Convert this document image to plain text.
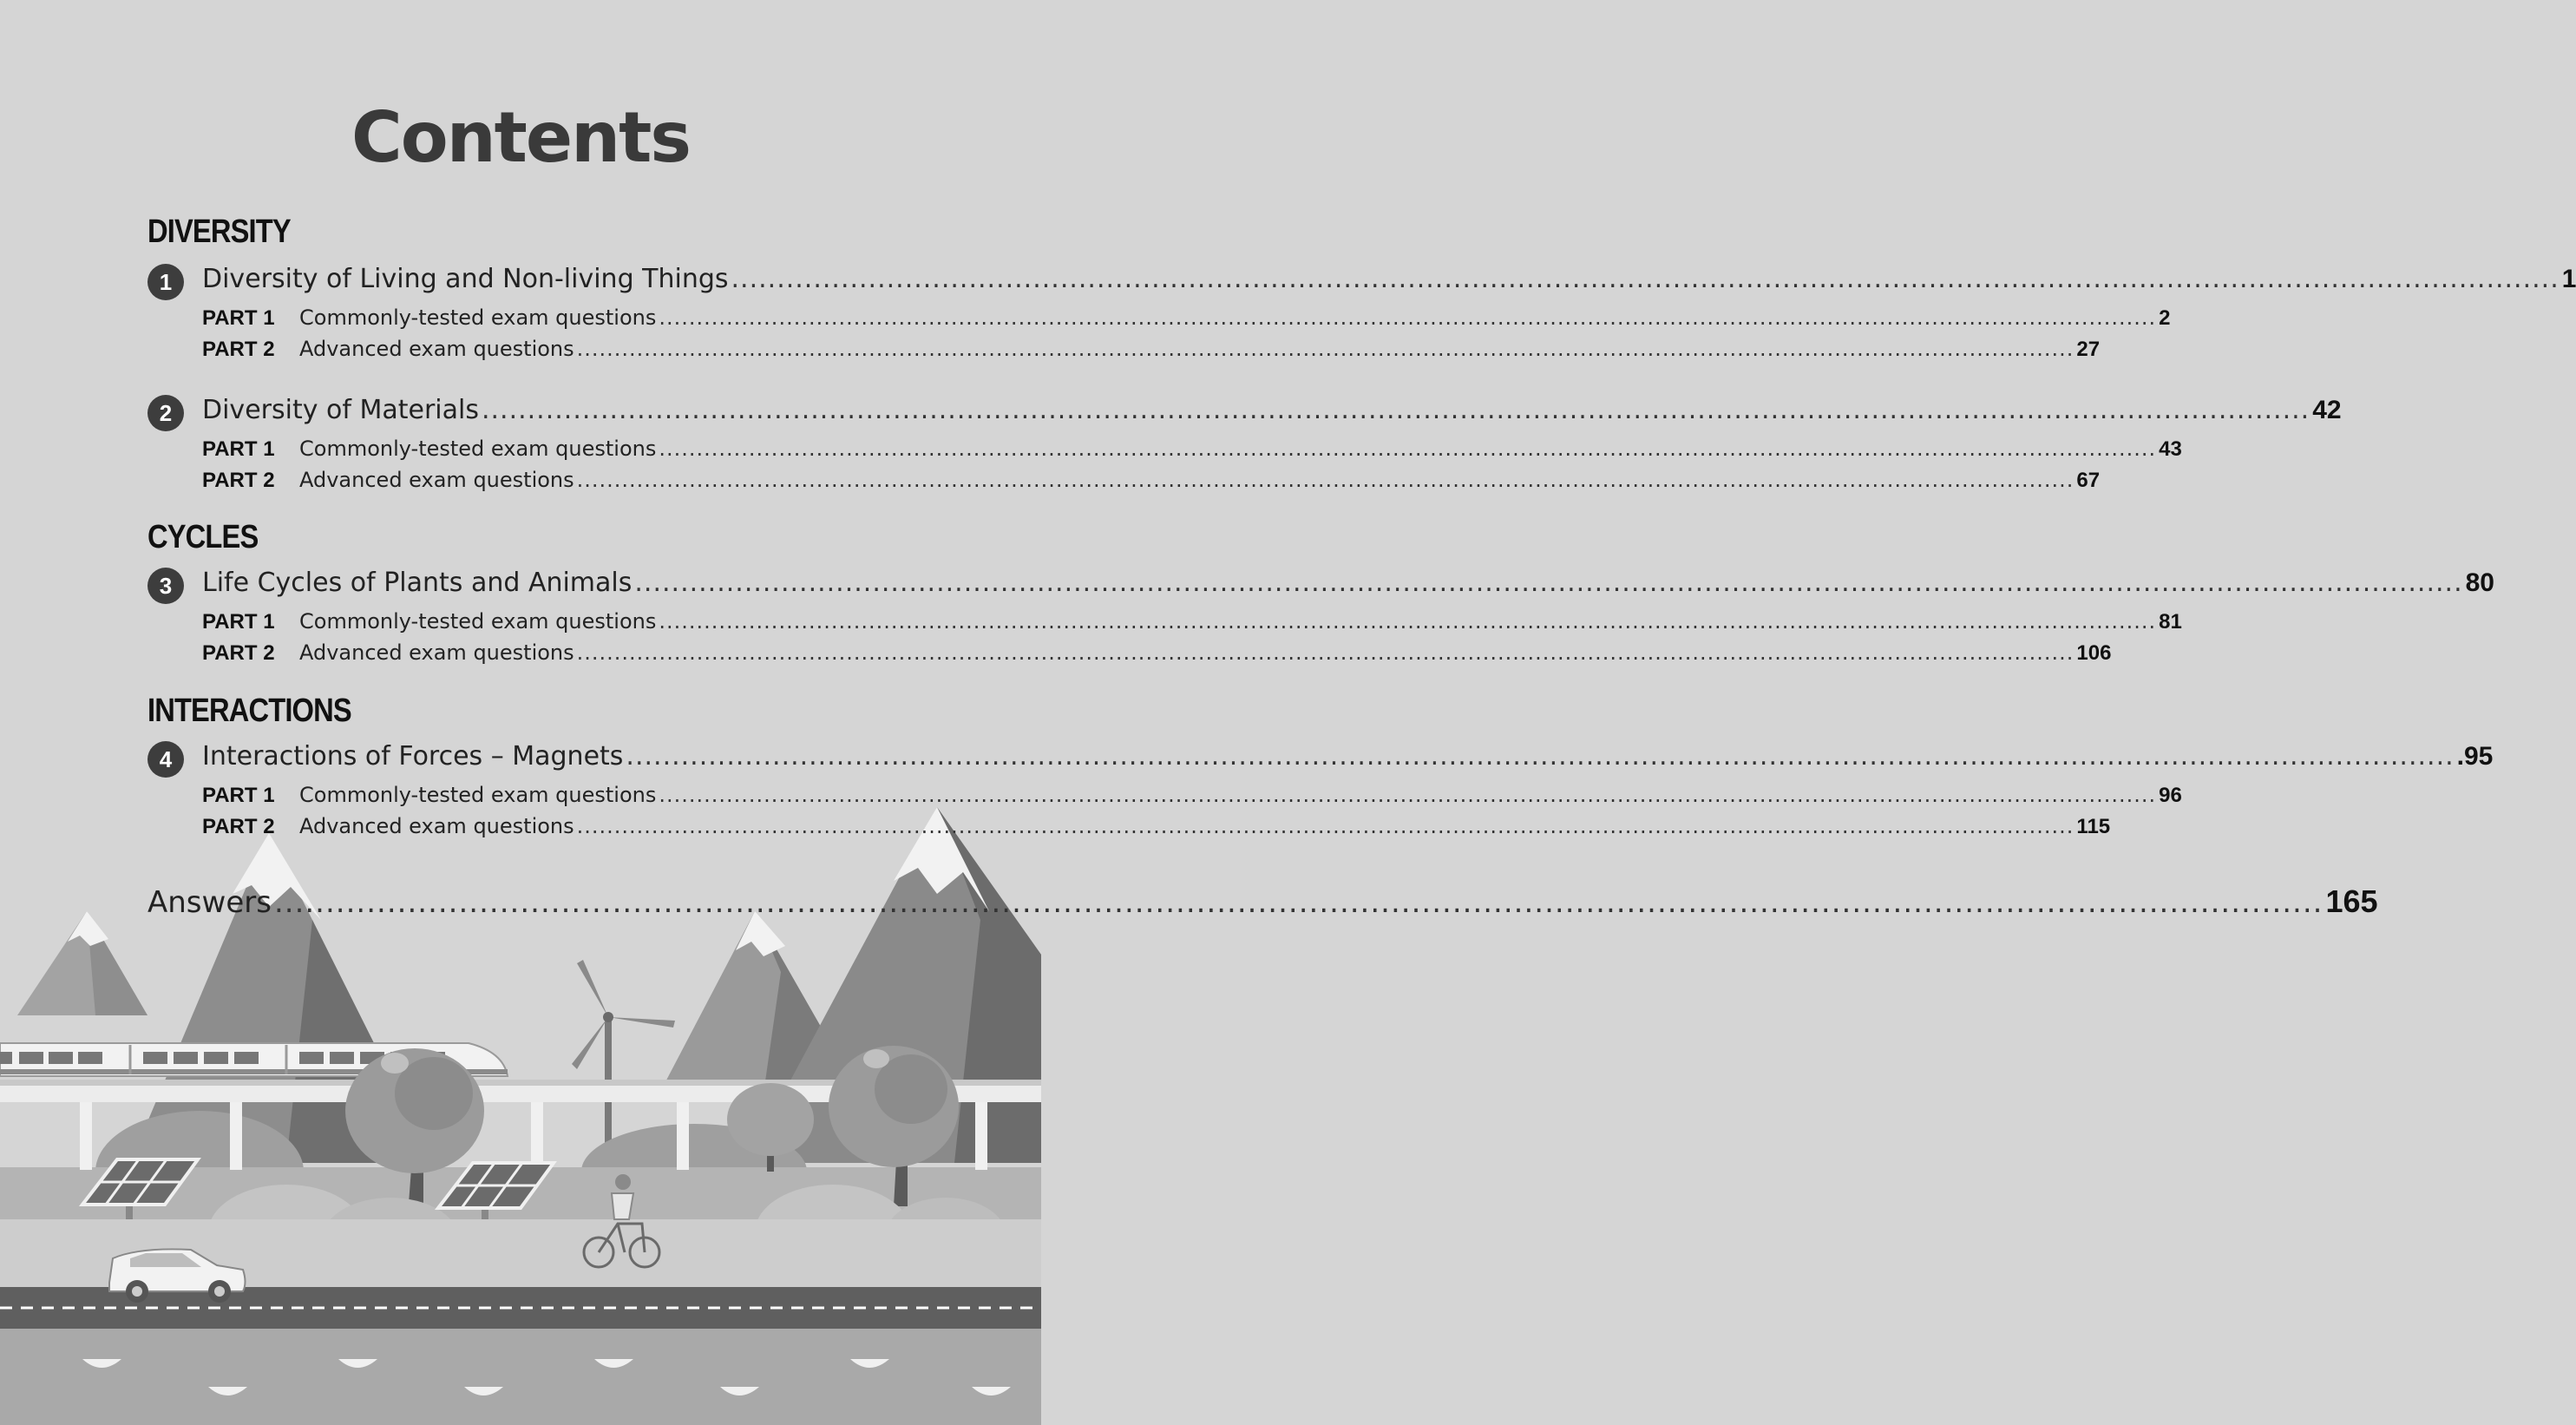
Contents
DIVERSITY
1	Diversity of Living and Non-living Things ........................................................................................................................................................................................................ 1
PART 1	Commonly-tested exam questions ........................................................................................................................................................................................................ 2
PART 2	Advanced exam questions ........................................................................................................................................................................................................ 27
2	Diversity of Materials ........................................................................................................................................................................................................ 42
PART 1	Commonly-tested exam questions ........................................................................................................................................................................................................ 43
PART 2	Advanced exam questions ........................................................................................................................................................................................................ 67
CYCLES
3	Life Cycles of Plants and Animals ........................................................................................................................................................................................................ 80
PART 1	Commonly-tested exam questions ........................................................................................................................................................................................................ 81
PART 2	Advanced exam questions ........................................................................................................................................................................................................ 106
INTERACTIONS
4	Interactions of Forces – Magnets ........................................................................................................................................................................................................ .95
PART 1	Commonly-tested exam questions ........................................................................................................................................................................................................ 96
PART 2	Advanced exam questions ........................................................................................................................................................................................................ 115
Answers ........................................................................................................................................................................................................ 165
